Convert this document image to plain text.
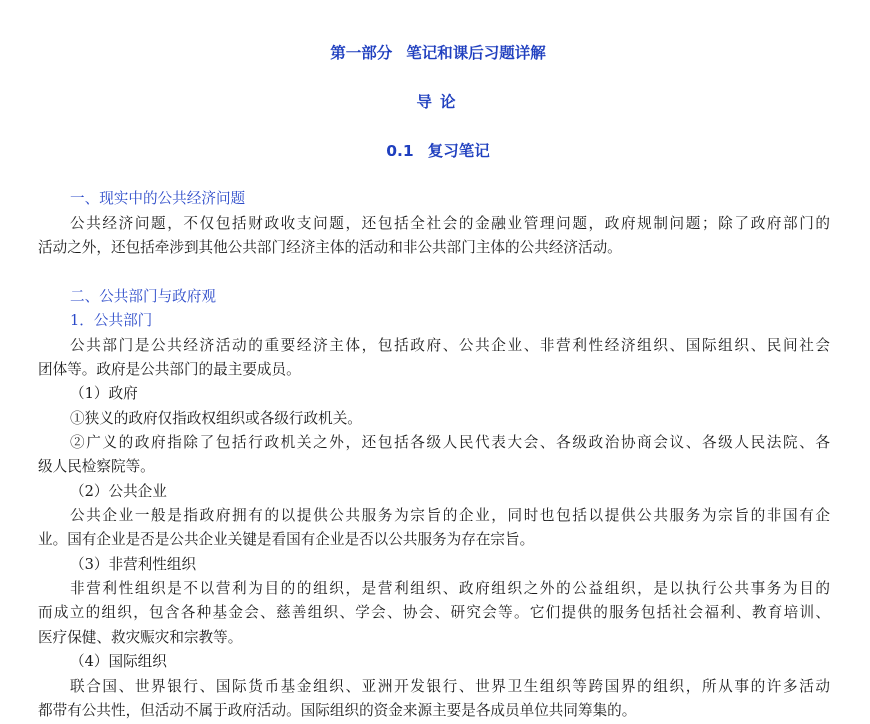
第一部分 笔记和课后习题详解
导论
0.1 复习笔记
一、现实中的公共经济问题
公共经济问题，不仅包括财政收支问题，还包括全社会的金融业管理问题，政府规制问题；除了政府部门的
活动之外，还包括牵涉到其他公共部门经济主体的活动和非公共部门主体的公共经济活动。
二、公共部门与政府观
1．公共部门
公共部门是公共经济活动的重要经济主体，包括政府、公共企业、非营利性经济组织、国际组织、民间社会
团体等。政府是公共部门的最主要成员。
（1）政府
①狭义的政府仅指政权组织或各级行政机关。
②广义的政府指除了包括行政机关之外，还包括各级人民代表大会、各级政治协商会议、各级人民法院、各
级人民检察院等。
（2）公共企业
公共企业一般是指政府拥有的以提供公共服务为宗旨的企业，同时也包括以提供公共服务为宗旨的非国有企
业。国有企业是否是公共企业关键是看国有企业是否以公共服务为存在宗旨。
（3）非营利性组织
非营利性组织是不以营利为目的的组织，是营利组织、政府组织之外的公益组织，是以执行公共事务为目的
而成立的组织，包含各种基金会、慈善组织、学会、协会、研究会等。它们提供的服务包括社会福利、教育培训、
医疗保健、救灾赈灾和宗教等。
（4）国际组织
联合国、世界银行、国际货币基金组织、亚洲开发银行、世界卫生组织等跨国界的组织，所从事的许多活动
都带有公共性，但活动不属于政府活动。国际组织的资金来源主要是各成员单位共同筹集的。
